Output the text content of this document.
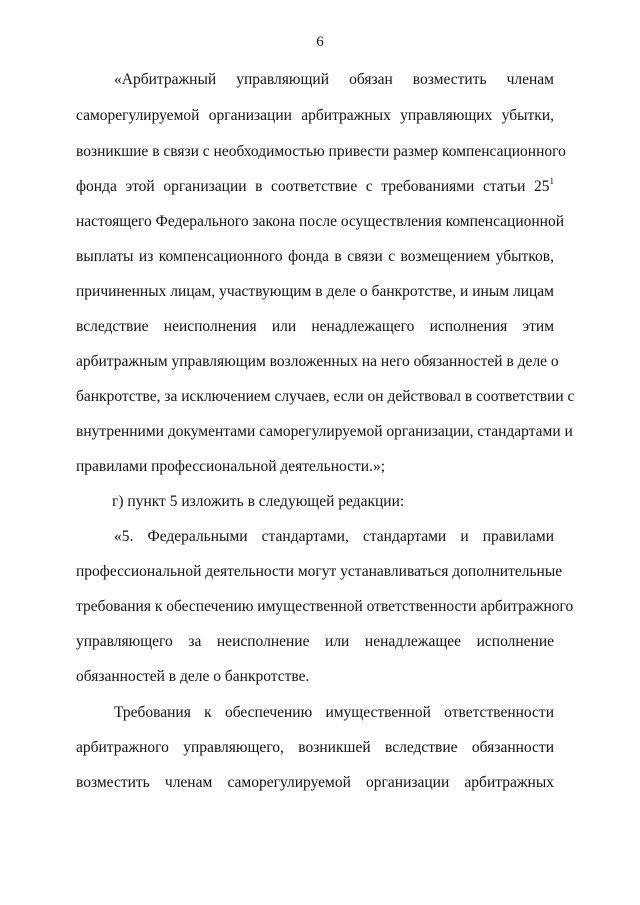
6
«Арбитражный управляющий обязан возместить членам
саморегулируемой организации арбитражных управляющих убытки,
возникшие в связи с необходимостью привести размер компенсационного
фонда этой организации в соответствие с требованиями статьи $25^1$
настоящего Федерального закона после осуществления компенсационной
выплаты из компенсационного фонда в связи с возмещением убытков,
причиненных лицам, участвующим в деле о банкротстве, и иным лицам
вследствие неисполнения или ненадлежащего исполнения этим
арбитражным управляющим возложенных на него обязанностей в деле о
банкротстве, за исключением случаев, если он действовал в соответствии с
внутренними документами саморегулируемой организации, стандартами и
правилами профессиональной деятельности.»;
г) пункт 5 изложить в следующей редакции:
«5. Федеральными стандартами, стандартами и правилами
профессиональной деятельности могут устанавливаться дополнительные
требования к обеспечению имущественной ответственности арбитражного
управляющего за неисполнение или ненадлежащее исполнение
обязанностей в деле о банкротстве.
Требования к обеспечению имущественной ответственности
арбитражного управляющего, возникшей вследствие обязанности
возместить членам саморегулируемой организации арбитражных
